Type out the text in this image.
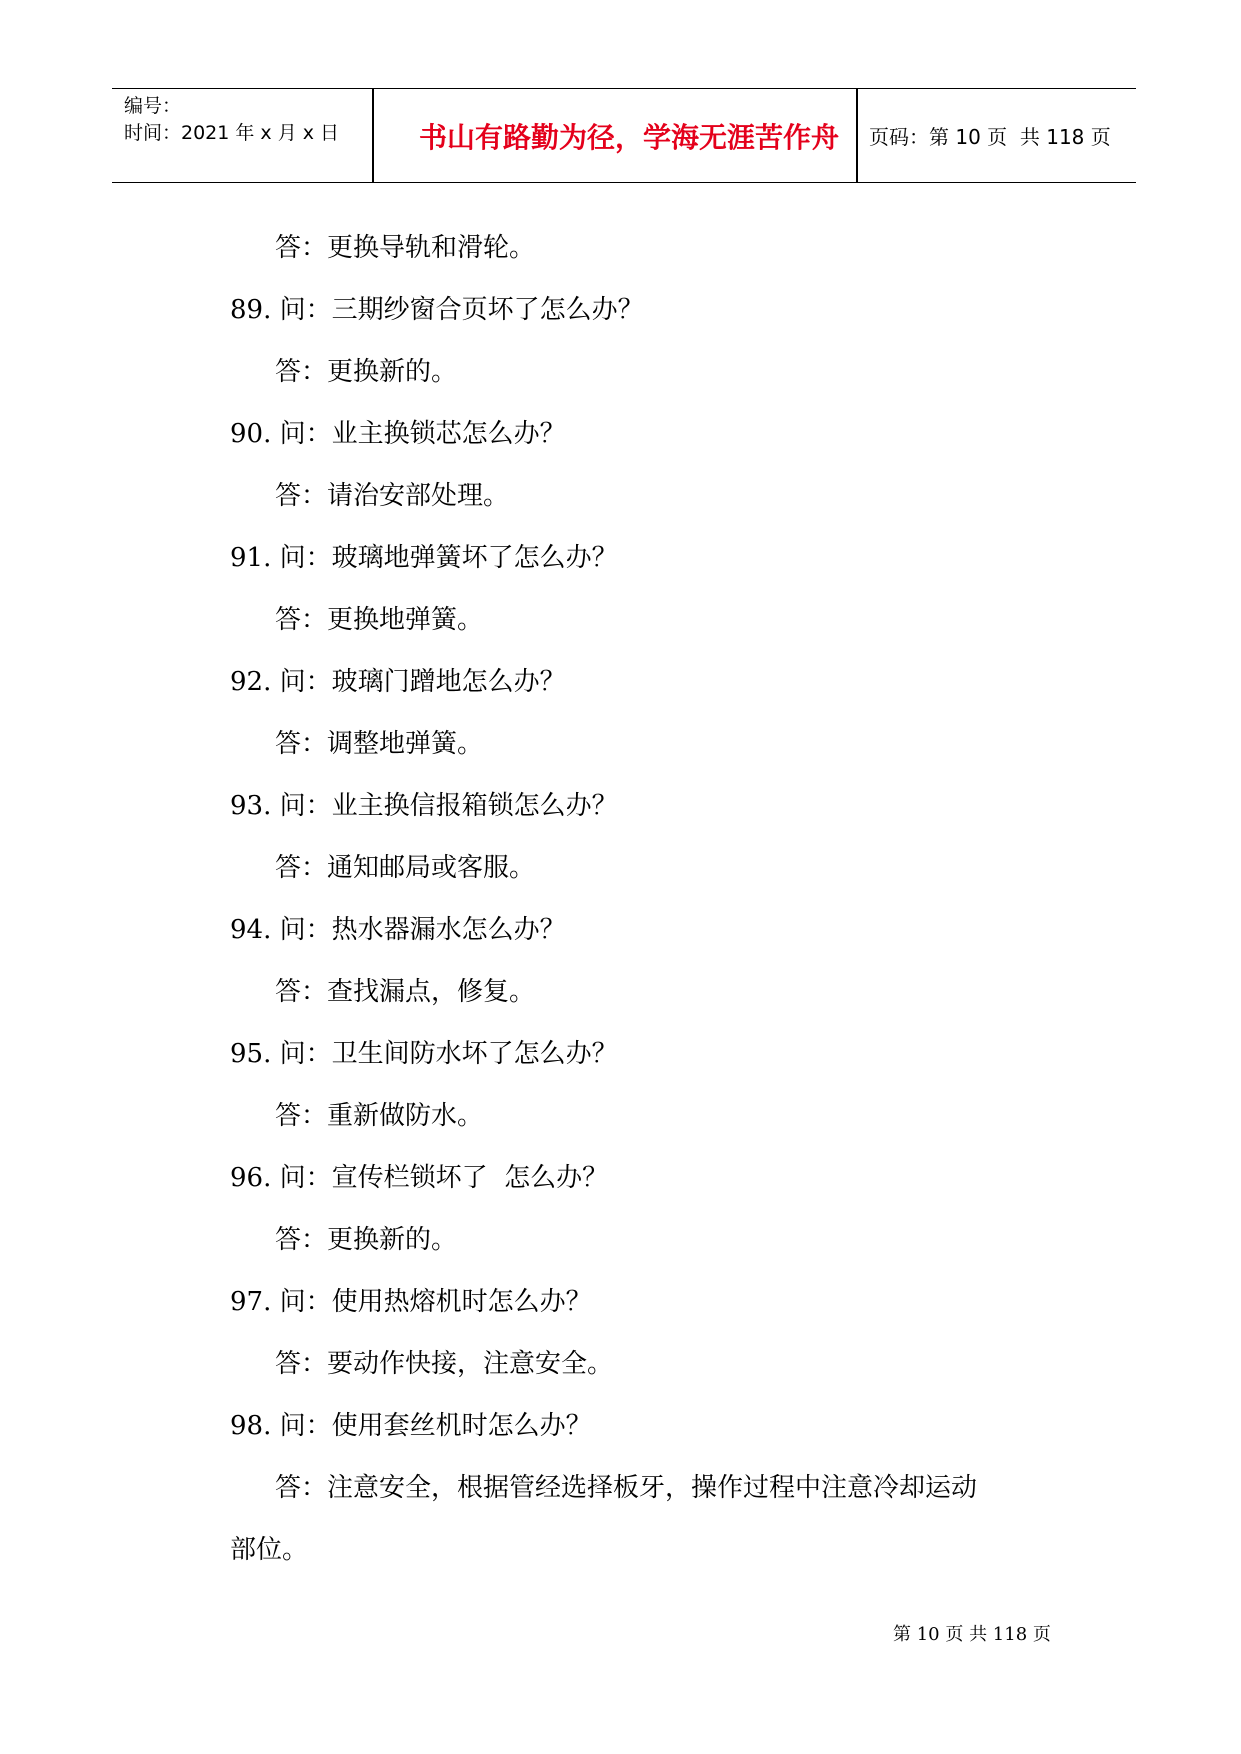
编号：
时间：2021 年 x 月 x 日	书山有路勤为径，学海无涯苦作舟	页码：第 10 页  共 118 页
答：更换导轨和滑轮。
89. 问：三期纱窗合页坏了怎么办？
答：更换新的。
90. 问：业主换锁芯怎么办？
答：请治安部处理。
91. 问：玻璃地弹簧坏了怎么办？
答：更换地弹簧。
92. 问：玻璃门蹭地怎么办？
答：调整地弹簧。
93. 问：业主换信报箱锁怎么办？
答：通知邮局或客服。
94. 问：热水器漏水怎么办？
答：查找漏点，修复。
95. 问：卫生间防水坏了怎么办？
答：重新做防水。
96. 问：宣传栏锁坏了  怎么办？
答：更换新的。
97. 问：使用热熔机时怎么办？
答：要动作快接，注意安全。
98. 问：使用套丝机时怎么办？
答：注意安全，根据管经选择板牙，操作过程中注意冷却运动
部位。
第 10 页 共 118 页
